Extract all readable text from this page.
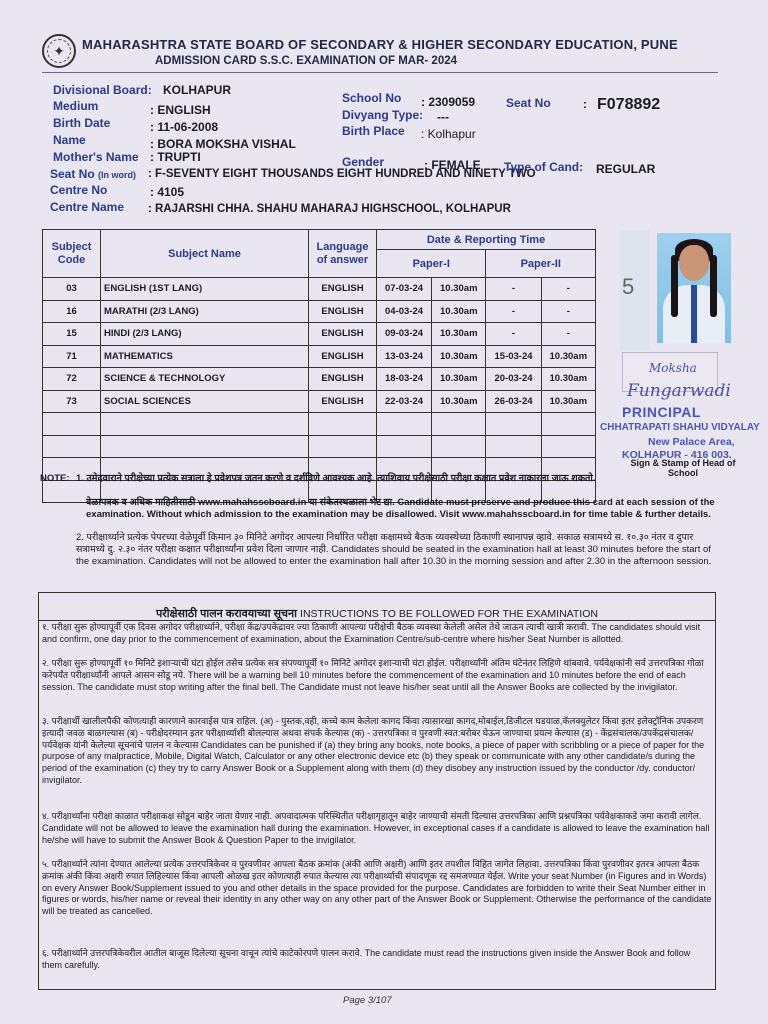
✦	MAHARASHTRA STATE BOARD OF SECONDARY & HIGHER SECONDARY EDUCATION, PUNE
ADMISSION CARD S.S.C. EXAMINATION OF MAR- 2024
Divisional Board: KOLHAPUR
Medium	: ENGLISH
Birth Date	: 11-06-2008
Name	: BORA MOKSHA VISHAL
Mother's Name : TRUPTI
Seat No (In word) : F-SEVENTY EIGHT THOUSANDS EIGHT HUNDRED AND NINETY TWO
Centre No	: 4105
Centre Name : RAJARSHI CHHA. SHAHU MAHARAJ HIGHSCHOOL, KOLHAPUR
School No : 2309059	Seat No	: F078892
Divyang Type: ---
Birth Place : Kolhapur
Gender	: FEMALE Type of Cand: REGULAR
Subject Code	Subject Name	Language of answer	Date & Reporting Time			
			Paper-I		Paper-II	
03	ENGLISH (1ST LANG)	ENGLISH	07-03-24	10.30am	-	-
16	MARATHI (2/3 LANG)	ENGLISH	04-03-24	10.30am	-	-
15	HINDI (2/3 LANG)	ENGLISH	09-03-24	10.30am	-	-
71	MATHEMATICS	ENGLISH	13-03-24	10.30am	15-03-24	10.30am
72	SCIENCE & TECHNOLOGY	ENGLISH	18-03-24	10.30am	20-03-24	10.30am
73	SOCIAL SCIENCES	ENGLISH	22-03-24	10.30am	26-03-24	10.30am

5
Moksha
Fungarwadi
PRINCIPAL
CHHATRAPATI SHAHU VIDYALAY
New Palace Area,
KOLHAPUR - 416 003.
Sign & Stamp of Head of School
NOTE: 1. उमेदवाराने परीक्षेच्या प्रत्येक सत्राला हे प्रवेशपत्र जतन करणे व दर्शविणे आवश्यक आहे. त्याशिवाय परीक्षेसाठी परीक्षा कक्षात प्रवेश नाकारला जाऊ शकतो.
वेळापत्रक व अधिक माहितीसाठी www.mahahsscboard.in या संकेतस्थळाला भेट द्या. Candidate must preserve and produce this card at each session of the examination. Without which admission to the examination may be disallowed. Visit www.mahahsscboard.in for time table & further details.
2. परीक्षार्थ्याने प्रत्येक पेपरच्या वेळेपूर्वी किमान ३० मिनिटे अगोदर आपल्या निर्धारित परीक्षा कक्षामध्ये बैठक व्यवस्थेच्या ठिकाणी स्थानापन्न व्हावे. सकाळ सत्रामध्ये स. १०.३० नंतर व दुपार सत्रामध्ये दु. २.३० नंतर परीक्षा कक्षात परीक्षार्थ्यांना प्रवेश दिला जाणार नाही. Candidates should be seated in the examination hall at least 30 minutes before the start of the examination. Candidates will not be allowed to enter the examination hall after 10.30 in the morning session and after 2.30 in the afternoon session.
परीक्षेसाठी पालन करावयाच्या सूचना INSTRUCTIONS TO BE FOLLOWED FOR THE EXAMINATION
१. परीक्षा सुरू होण्यापूर्वी एक दिवस अगोदर परीक्षार्थ्याने, परीक्षा केंद्र/उपकेंद्रावर ज्या ठिकाणी आपल्या परीक्षेची बैठक व्यवस्था केलेली असेल तेथे जाऊन त्याची खात्री करावी. The candidates should visit and confirm, one day prior to the commencement of examination, about the Examination Centre/sub-centre where his/her Seat Number is allotted.
२. परीक्षा सुरू होण्यापूर्वी १० मिनिटे इशाऱ्याची घंटा होईल तसेच प्रत्येक सत्र संपण्यापूर्वी १० मिनिटे अगोदर इशाऱ्याची घंटा होईल. परीक्षार्थ्यांनी अंतिम घंटेनंतर लिहिणे थांबवावे. पर्यवेक्षकांनी सर्व उत्तरपत्रिका गोळा करेपर्यंत परीक्षार्थ्यांनी आपले आसन सोडू नये. There will be a warning bell 10 minutes before the commencement of the examination and 10 minutes before the end of each session. The candidate must stop writing after the final bell. The Candidate must not leave his/her seat until all the Answer Books are collected by the invigilator.
३. परीक्षार्थी खालीलपैकी कोणत्याही कारणाने कारवाईस पात्र राहिल. (अ) - पुस्तक,वही, कच्चे काम केलेला कागद किंवा त्यासारखा कागद,मोबाईल,डिजीटल घडयाळ,कॅलक्युलेटर किंवा इतर इलेक्ट्रॉनिक उपकरण इत्यादी जवळ बाळगल्यास (ब) - परीक्षेदरम्यान इतर परीक्षार्थ्याशी बोलल्यास अथवा संपर्क केल्यास (क) - उत्तरपत्रिका व पुरवणी स्वत:बरोबर घेऊन जाण्याचा प्रयत्न केल्यास (ड) - केंद्रसंचालक/उपकेंद्रसंचालक/ पर्यवेक्षक यांनी केलेल्या सूचनांचे पालन न केल्यास Candidates can be punished if (a) they bring any books, note books, a piece of paper with scribbling or a piece of paper for the purpose of any malpractice, Mobile, Digital Watch, Calculator or any other electronic device etc (b) they speak or communicate with any other candidate/s during the period of the examination (c) they try to carry Answer Book or a Supplement along with them (d) they disobey any instruction issued by the conductor /dy. conductor/ invigilator.
४. परीक्षार्थ्यांना परीक्षा काळात परीक्षाकक्ष सोडून बाहेर जाता येणार नाही. अपवादात्मक परिस्थितीत परीक्षागृहातून बाहेर जाण्याची संमती दिल्यास उत्तरपत्रिका आणि प्रश्नपत्रिका पर्यवेक्षकाकडे जमा करावी लागेल. Candidate will not be allowed to leave the examination hall during the examination. However, in exceptional cases if a candidate is allowed to leave the examination hall he/she will have to submit the Answer Book & Question Paper to the invigilator.
५. परीक्षार्थ्याने त्यांना देण्यात आलेल्या प्रत्येक उत्तरपत्रिकेवर व पुरवणीवर आपला बैठक क्रमांक (अंकी आणि अक्षरी) आणि इतर तपशील विहित जागेत लिहावा. उत्तरपत्रिका किंवा पुरवणीवर इतरत्र आपला बैठक क्रमांक अंकी किंवा अक्षरी रुपात लिहिल्यास किंवा आपली ओळख इतर कोणत्याही रुपात केल्यास त्या परीक्षार्थ्याची संपादणूक रद्द समजण्यात येईल. Write your seat Number (in Figures and in Words) on every Answer Book/Supplement issued to you and other details in the space provided for the purpose. Candidates are forbidden to write their Seat Number either in figures or words, his/her name or reveal their identity in any other way on any other part of the Answer Book or Supplement. Otherwise the performance of the candidate will be treated as cancelled.
६. परीक्षार्थ्याने उत्तरपत्रिकेवरील आतील बाजूस दिलेल्या सूचना वाचून त्यांचे काटेकोरपणे पालन करावे. The candidate must read the instructions given inside the Answer Book and follow them carefully.
Page 3/107
